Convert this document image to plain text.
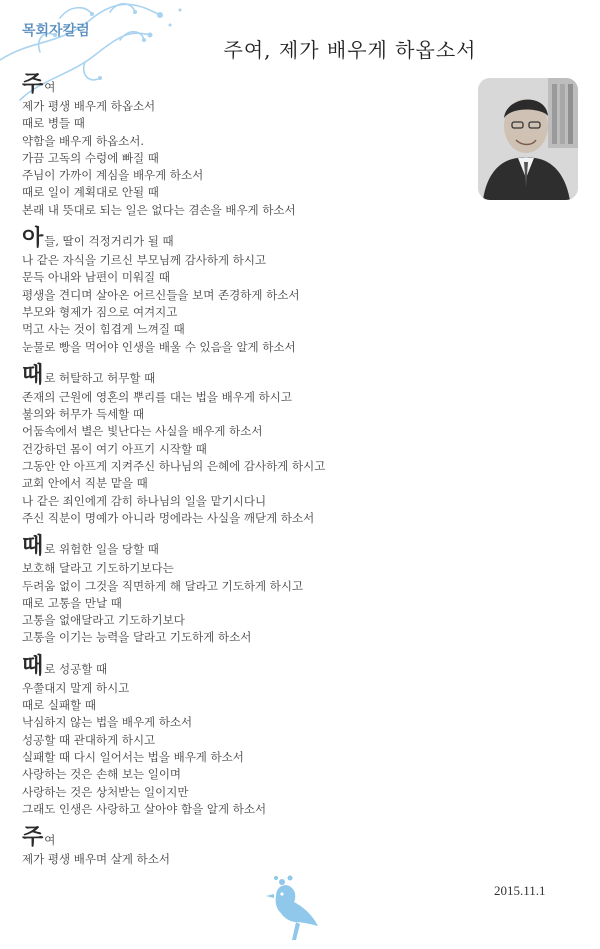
목회자칼럼
주여, 제가 배우게 하옵소서
주여
제가 평생 배우게 하옵소서
때로 병들 때
약함을 배우게 하옵소서.
가끔 고독의 수렁에 빠질 때
주님이 가까이 계심을 배우게 하소서
때로 일이 계획대로 안될 때
본래 내 뜻대로 되는 일은 없다는 겸손을 배우게 하소서
아들, 딸이 걱정거리가 될 때
나 같은 자식을 기르신 부모님께 감사하게 하시고
문득 아내와 남편이 미워질 때
평생을 견디며 살아온 어르신들을 보며 존경하게 하소서
부모와 형제가 짐으로 여겨지고
먹고 사는 것이 힘겹게 느껴질 때
눈물로 빵을 먹어야 인생을 배울 수 있음을 알게 하소서
때로 허탈하고 허무할 때
존재의 근원에 영혼의 뿌리를 대는 법을 배우게 하시고
불의와 허무가 득세할 때
어둠속에서 별은 빛난다는 사실을 배우게 하소서
건강하던 몸이 여기 아프기 시작할 때
그동안 안 아프게 지켜주신 하나님의 은혜에 감사하게 하시고
교회 안에서 직분 맡을 때
나 같은 죄인에게 감히 하나님의 일을 맡기시다니
주신 직분이 명예가 아니라 멍에라는 사실을 깨닫게 하소서
때로 위험한 일을 당할 때
보호해 달라고 기도하기보다는
두려움 없이 그것을 직면하게 해 달라고 기도하게 하시고
때로 고통을 만날 때
고통을 없애달라고 기도하기보다
고통을 이기는 능력을 달라고 기도하게 하소서
때로 성공할 때
우쭐대지 말게 하시고
때로 실패할 때
낙심하지 않는 법을 배우게 하소서
성공할 때 관대하게 하시고
실패할 때 다시 일어서는 법을 배우게 하소서
사랑하는 것은 손해 보는 일이며
사랑하는 것은 상처받는 일이지만
그래도 인생은 사랑하고 살아야 함을 알게 하소서
주여
제가 평생 배우며 살게 하소서
2015.11.1
